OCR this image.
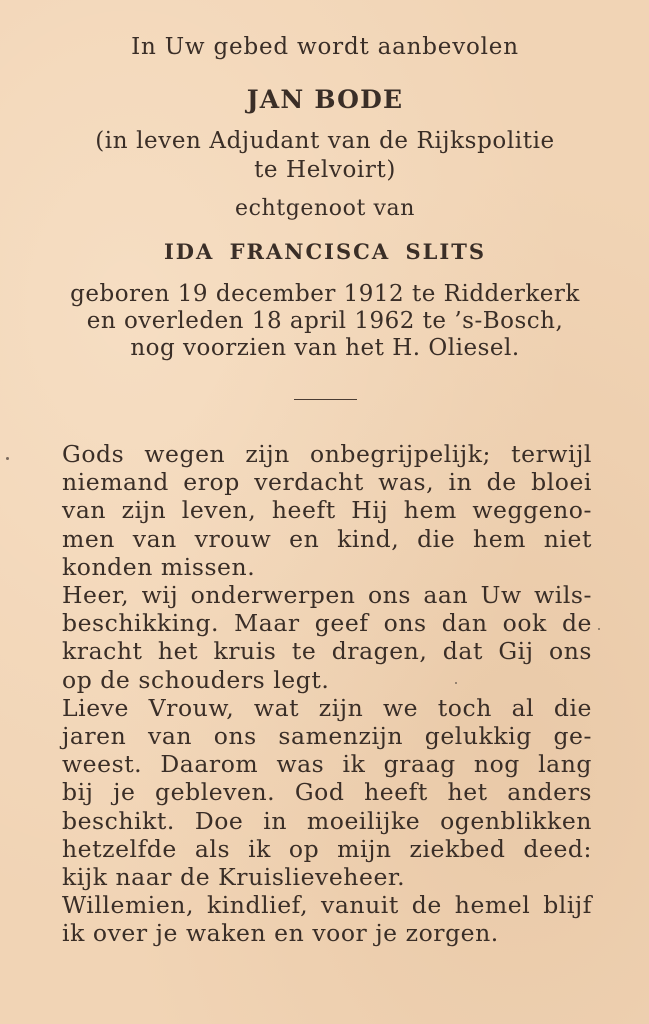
In Uw gebed wordt aanbevolen
JAN BODE
(in leven Adjudant van de Rijkspolitie
te Helvoirt)
echtgenoot van
IDA FRANCISCA SLITS
geboren 19 december 1912 te Ridderkerk
en overleden 18 april 1962 te ’s-Bosch,
nog voorzien van het H. Oliesel.
Gods wegen zijn onbegrijpelijk; terwijl
niemand erop verdacht was, in de bloei
van zijn leven, heeft Hij hem weggeno-
men van vrouw en kind, die hem niet
konden missen.
Heer, wij onderwerpen ons aan Uw wils-
beschikking. Maar geef ons dan ook de
kracht het kruis te dragen, dat Gij ons
op de schouders legt.
Lieve Vrouw, wat zijn we toch al die
jaren van ons samenzijn gelukkig ge-
weest. Daarom was ik graag nog lang
bij je gebleven. God heeft het anders
beschikt. Doe in moeilijke ogenblikken
hetzelfde als ik op mijn ziekbed deed:
kijk naar de Kruislieveheer.
Willemien, kindlief, vanuit de hemel blijf
ik over je waken en voor je zorgen.
